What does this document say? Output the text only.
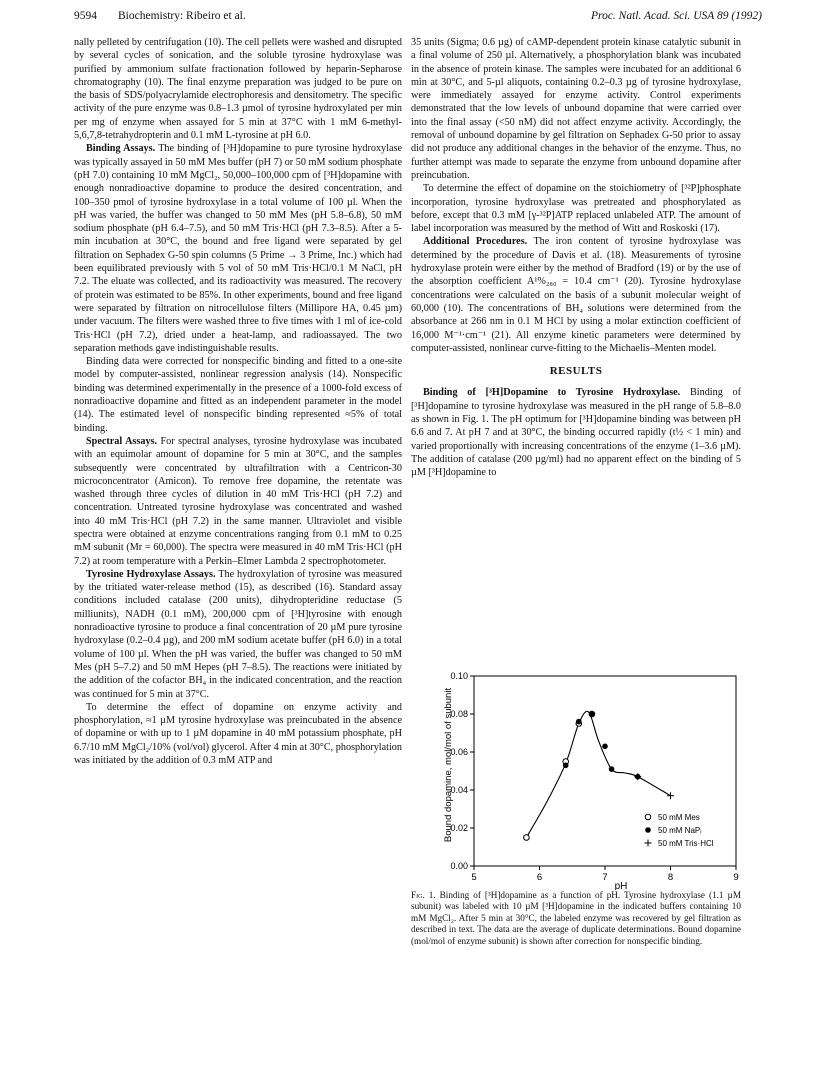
9594 Biochemistry: Ribeiro et al.	Proc. Natl. Acad. Sci. USA 89 (1992)

nally pelleted by centrifugation (10). The cell pellets were washed and disrupted by several cycles of sonication, and the soluble tyrosine hydroxylase was purified by ammonium sulfate fractionation followed by heparin-Sepharose chromatography (10). The final enzyme preparation was judged to be pure on the basis of SDS/polyacrylamide electrophoresis and densitometry. The specific activity of the pure enzyme was 0.8–1.3 µmol of tyrosine hydroxylated per min per mg of enzyme when assayed for 5 min at 37°C with 1 mM 6-methyl-5,6,7,8-tetrahydropterin and 0.1 mM L-tyrosine at pH 6.0.

Binding Assays. The binding of [³H]dopamine to pure tyrosine hydroxylase was typically assayed in 50 mM Mes buffer (pH 7) or 50 mM sodium phosphate (pH 7.0) containing 10 mM MgCl₂, 50,000–100,000 cpm of [³H]dopamine with enough nonradioactive dopamine to produce the desired concentration, and 100–350 pmol of tyrosine hydroxylase in a total volume of 100 µl. When the pH was varied, the buffer was changed to 50 mM Mes (pH 5.8–6.8), 50 mM sodium phosphate (pH 6.4–7.5), and 50 mM Tris·HCl (pH 7.3–8.5). After a 5-min incubation at 30°C, the bound and free ligand were separated by gel filtration on Sephadex G-50 spin columns (5 Prime → 3 Prime, Inc.) which had been equilibrated previously with 5 vol of 50 mM Tris·HCl/0.1 M NaCl, pH 7.2. The eluate was collected, and its radioactivity was measured. The recovery of protein was estimated to be 85%. In other experiments, bound and free ligand were separated by filtration on nitrocellulose filters (Millipore HA, 0.45 µm) under vacuum. The filters were washed three to five times with 1 ml of ice-cold Tris·HCl (pH 7.2), dried under a heat-lamp, and radioassayed. The two separation methods gave indistinguishable results.

Binding data were corrected for nonspecific binding and fitted to a one-site model by computer-assisted, nonlinear regression analysis (14). Nonspecific binding was determined experimentally in the presence of a 1000-fold excess of nonradioactive dopamine and fitted as an independent parameter in the model (14). The estimated level of nonspecific binding represented ≈5% of total binding.

Spectral Assays. For spectral analyses, tyrosine hydroxylase was incubated with an equimolar amount of dopamine for 5 min at 30°C, and the samples subsequently were concentrated by ultrafiltration with a Centricon-30 microconcentrator (Amicon). To remove free dopamine, the retentate was washed through three cycles of dilution in 40 mM Tris·HCl (pH 7.2) and concentration. Untreated tyrosine hydroxylase was concentrated and washed into 40 mM Tris·HCl (pH 7.2) in the same manner. Ultraviolet and visible spectra were obtained at enzyme concentrations ranging from 0.1 mM to 0.25 mM subunit (Mr = 60,000). The spectra were measured in 40 mM Tris·HCl (pH 7.2) at room temperature with a Perkin–Elmer Lambda 2 spectrophotometer.

Tyrosine Hydroxylase Assays. The hydroxylation of tyrosine was measured by the tritiated water-release method (15), as described (16). Standard assay conditions included catalase (200 units), dihydropteridine reductase (5 milliunits), NADH (0.1 mM), 200,000 cpm of [³H]tyrosine with enough nonradioactive tyrosine to produce a final concentration of 20 µM pure tyrosine hydroxylase (0.2–0.4 µg), and 200 mM sodium acetate buffer (pH 6.0) in a total volume of 100 µl. When the pH was varied, the buffer was changed to 50 mM Mes (pH 5–7.2) and 50 mM Hepes (pH 7–8.5). The reactions were initiated by the addition of the cofactor BH₄ in the indicated concentration, and the reaction was continued for 5 min at 37°C.

To determine the effect of dopamine on enzyme activity and phosphorylation, ≈1 µM tyrosine hydroxylase was preincubated in the absence of dopamine or with up to 1 µM dopamine in 40 mM potassium phosphate, pH 6.7/10 mM MgCl₂/10% (vol/vol) glycerol. After 4 min at 30°C, phosphorylation was initiated by the addition of 0.3 mM ATP and

35 units (Sigma; 0.6 µg) of cAMP-dependent protein kinase catalytic subunit in a final volume of 250 µl. Alternatively, a phosphorylation blank was incubated in the absence of protein kinase. The samples were incubated for an additional 6 min at 30°C, and 5-µl aliquots, containing 0.2–0.3 µg of tyrosine hydroxylase, were immediately assayed for enzyme activity. Control experiments demonstrated that the low levels of unbound dopamine that were carried over into the final assay (<50 nM) did not affect enzyme activity. Accordingly, the removal of unbound dopamine by gel filtration on Sephadex G-50 prior to assay did not produce any additional changes in the behavior of the enzyme. Thus, no further attempt was made to separate the enzyme from unbound dopamine after preincubation.

To determine the effect of dopamine on the stoichiometry of [³²P]phosphate incorporation, tyrosine hydroxylase was pretreated and phosphorylated as before, except that 0.3 mM [γ-³²P]ATP replaced unlabeled ATP. The amount of label incorporation was measured by the method of Witt and Roskoski (17).

Additional Procedures. The iron content of tyrosine hydroxylase was determined by the procedure of Davis et al. (18). Measurements of tyrosine hydroxylase protein were either by the method of Bradford (19) or by the use of the absorption coefficient A¹%₂₈₀ = 10.4 cm⁻¹ (20). Tyrosine hydroxylase concentrations were calculated on the basis of a subunit molecular weight of 60,000 (10). The concentrations of BH₄ solutions were determined from the absorbance at 266 nm in 0.1 M HCl by using a molar extinction coefficient of 16,000 M⁻¹·cm⁻¹ (21). All enzyme kinetic parameters were determined by computer-assisted, nonlinear curve-fitting to the Michaelis–Menten model.

RESULTS

Binding of [³H]Dopamine to Tyrosine Hydroxylase. Binding of [³H]dopamine to tyrosine hydroxylase was measured in the pH range of 5.8–8.0 as shown in Fig. 1. The pH optimum for [³H]dopamine binding was between pH 6.6 and 7. At pH 7 and at 30°C, the binding occurred rapidly (t½ < 1 min) and varied proportionally with increasing concentrations of the enzyme (1–3.6 µM). The addition of catalase (200 µg/ml) had no apparent effect on the binding of 5 µM [³H]dopamine to

5	6	7	8	9
0.00
0.02
0.04
0.06
0.08
0.10
50 mM Mes
50 mM NaPᵢ
50 mM Tris·HCl
Bound dopamine, mol/mol of subunit
pH
Fig. 1. Binding of [³H]dopamine as a function of pH. Tyrosine hydroxylase (1.1 µM subunit) was labeled with 10 µM [³H]dopamine in the indicated buffers containing 10 mM MgCl₂. After 5 min at 30°C, the labeled enzyme was recovered by gel filtration as described in text. The data are the average of duplicate determinations. Bound dopamine (mol/mol of enzyme subunit) is shown after correction for nonspecific binding.
